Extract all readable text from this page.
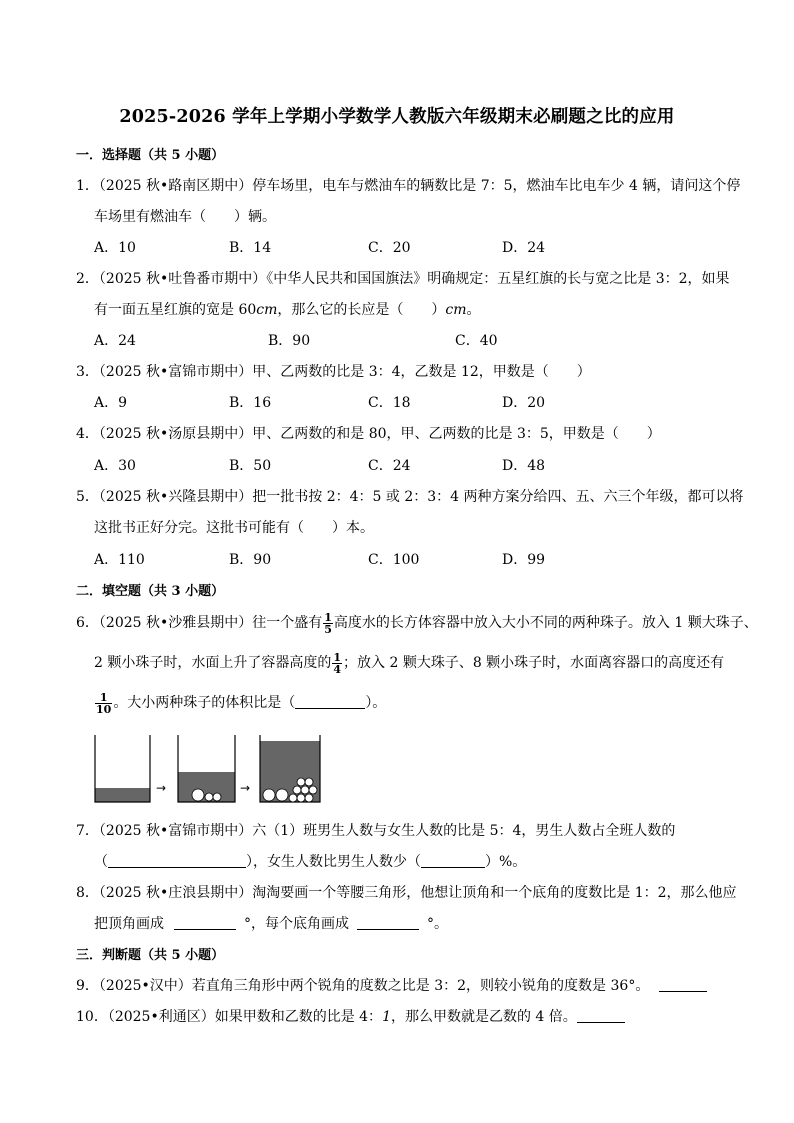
2025-2026 学年上学期小学数学人教版六年级期末必刷题之比的应用
一．选择题（共 5 小题）
1．（2025 秋•路南区期中）停车场里，电车与燃油车的辆数比是 7：5，燃油车比电车少 4 辆，请问这个停
车场里有燃油车（　　）辆。
A．10	B．14	C．20	D．24
2．（2025 秋•吐鲁番市期中）《中华人民共和国国旗法》明确规定：五星红旗的长与宽之比是 3：2，如果
有一面五星红旗的宽是 60cm，那么它的长应是（　　）cm。
A．24	B．90	C．40
3．（2025 秋•富锦市期中）甲、乙两数的比是 3：4，乙数是 12，甲数是（　　）
A．9	B．16	C．18	D．20
4．（2025 秋•汤原县期中）甲、乙两数的和是 80，甲、乙两数的比是 3：5，甲数是（　　）
A．30	B．50	C．24	D．48
5．（2025 秋•兴隆县期中）把一批书按 2：4：5 或 2：3：4 两种方案分给四、五、六三个年级，都可以将
这批书正好分完。这批书可能有（　　）本。
A．110	B．90	C．100	D．99
二．填空题（共 3 小题）
6．（2025 秋•沙雅县期中）往一个盛有 $\frac{1}{5}$ 高度水的长方体容器中放入大小不同的两种珠子。放入 1 颗大珠子、
2 颗小珠子时，水面上升了容器高度的 $\frac{1}{4}$ ；放入 2 颗大珠子、8 颗小珠子时，水面离容器口的高度还有
$\frac{1}{10}$ 。大小两种珠子的体积比是（	）。
→	→
7．（2025 秋•富锦市期中）六（1）班男生人数与女生人数的比是 5：4，男生人数占全班人数的
（	），女生人数比男生人数少（	）%。
8．（2025 秋•庄浪县期中）淘淘要画一个等腰三角形，他想让顶角和一个底角的度数比是 1：2，那么他应
把顶角画成	°，每个底角画成	°。
三．判断题（共 5 小题）
9．（2025•汉中）若直角三角形中两个锐角的度数之比是 3：2，则较小锐角的度数是 36°。
10．（2025•利通区）如果甲数和乙数的比是 4：1，那么甲数就是乙数的 4 倍。
